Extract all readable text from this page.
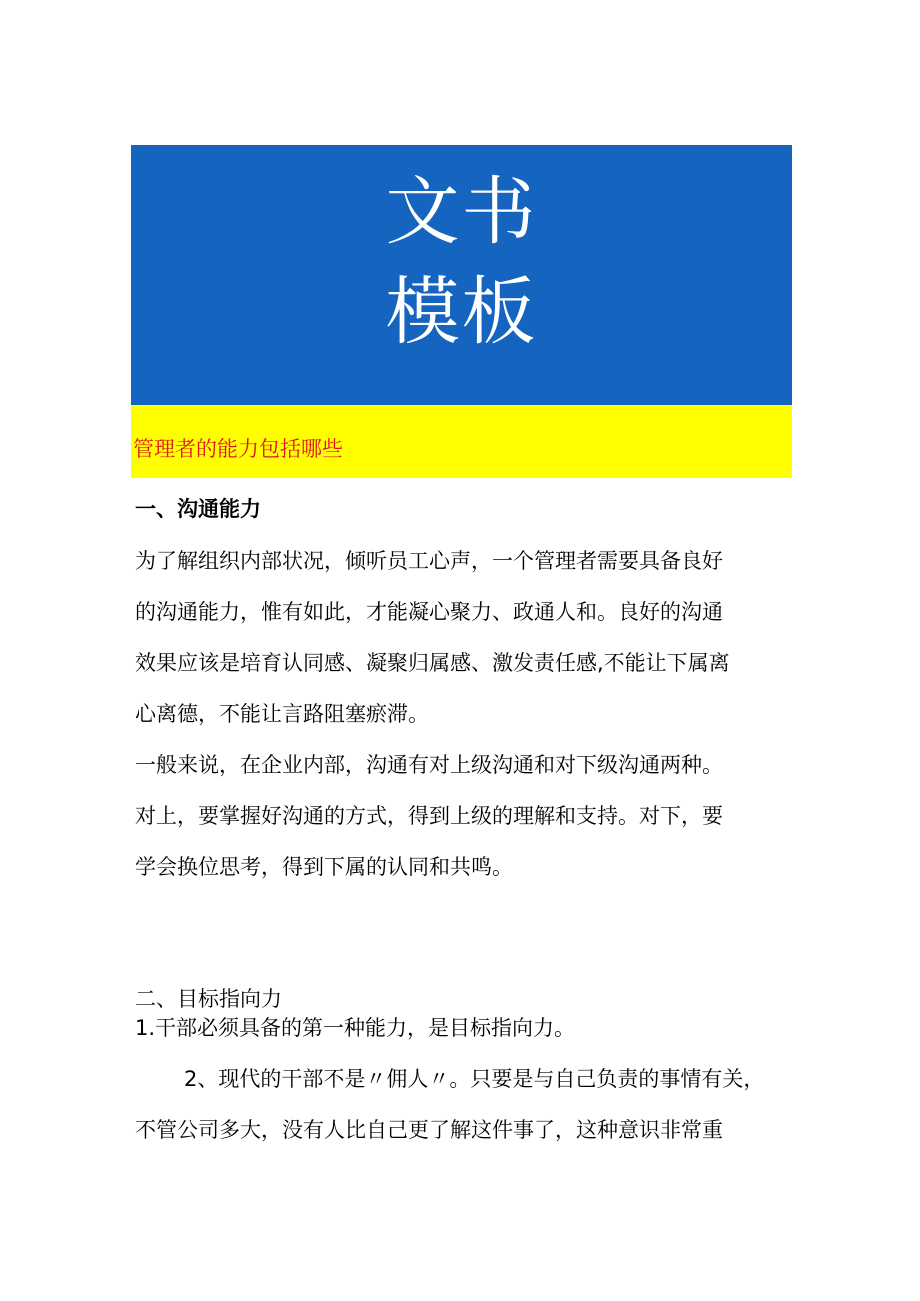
文书
模板
管理者的能力包括哪些
一、沟通能力
为了解组织内部状况，倾听员工心声，一个管理者需要具备良好
的沟通能力，惟有如此，才能凝心聚力、政通人和。良好的沟通
效果应该是培育认同感、凝聚归属感、激发责任感,不能让下属离
心离德，不能让言路阻塞瘀滞。
一般来说，在企业内部，沟通有对上级沟通和对下级沟通两种。
对上，要掌握好沟通的方式，得到上级的理解和支持。对下，要
学会换位思考，得到下属的认同和共鸣。
二、目标指向力
1.干部必须具备的第一种能力，是目标指向力。
2、现代的干部不是〃佣人〃。只要是与自己负责的事情有关，
不管公司多大，没有人比自己更了解这件事了，这种意识非常重
